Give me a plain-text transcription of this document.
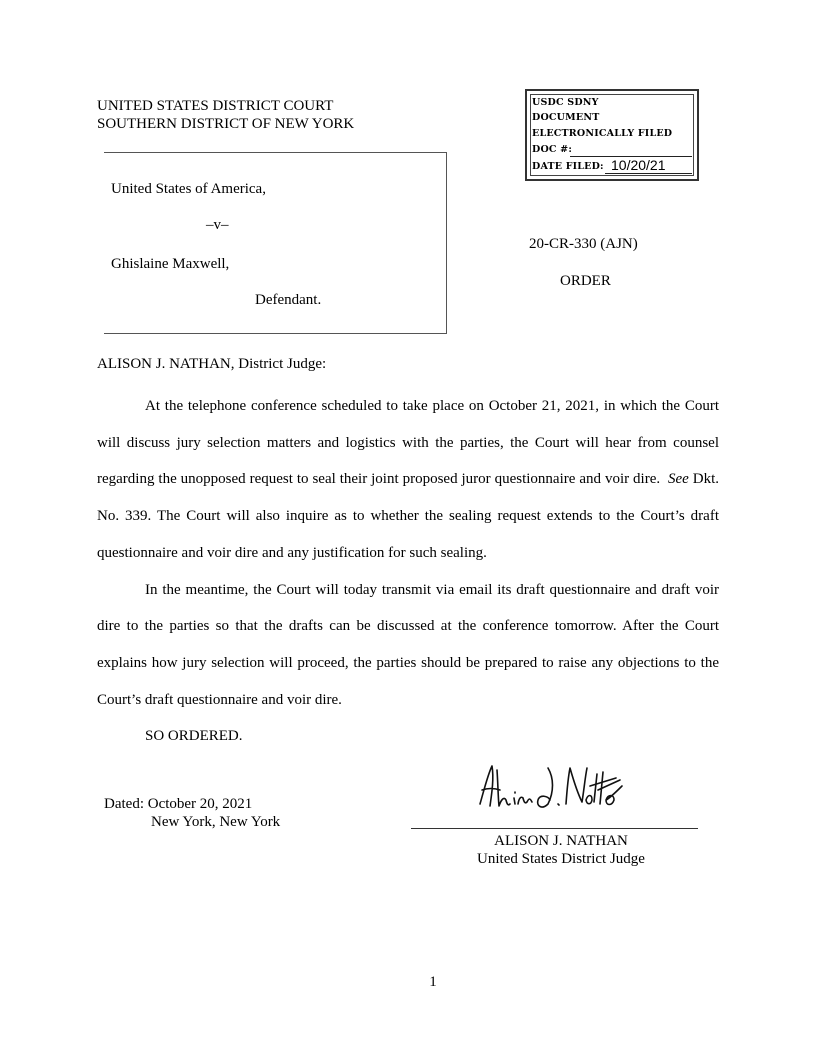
UNITED STATES DISTRICT COURT
SOUTHERN DISTRICT OF NEW YORK
USDC SDNY
DOCUMENT
ELECTRONICALLY FILED
DOC #:
DATE FILED: 10/20/21
United States of America,
–v–
Ghislaine Maxwell,
Defendant.
20-CR-330 (AJN)
ORDER
ALISON J. NATHAN, District Judge:

At the telephone conference scheduled to take place on October 21, 2021, in which the Court will discuss jury selection matters and logistics with the parties, the Court will hear from counsel regarding the unopposed request to seal their joint proposed juror questionnaire and voir dire. See Dkt. No. 339. The Court will also inquire as to whether the sealing request extends to the Court’s draft questionnaire and voir dire and any justification for such sealing.

In the meantime, the Court will today transmit via email its draft questionnaire and draft voir dire to the parties so that the drafts can be discussed at the conference tomorrow. After the Court explains how jury selection will proceed, the parties should be prepared to raise any objections to the Court’s draft questionnaire and voir dire.

SO ORDERED.

Dated: October 20, 2021
New York, New York
ALISON J. NATHAN
United States District Judge
1
